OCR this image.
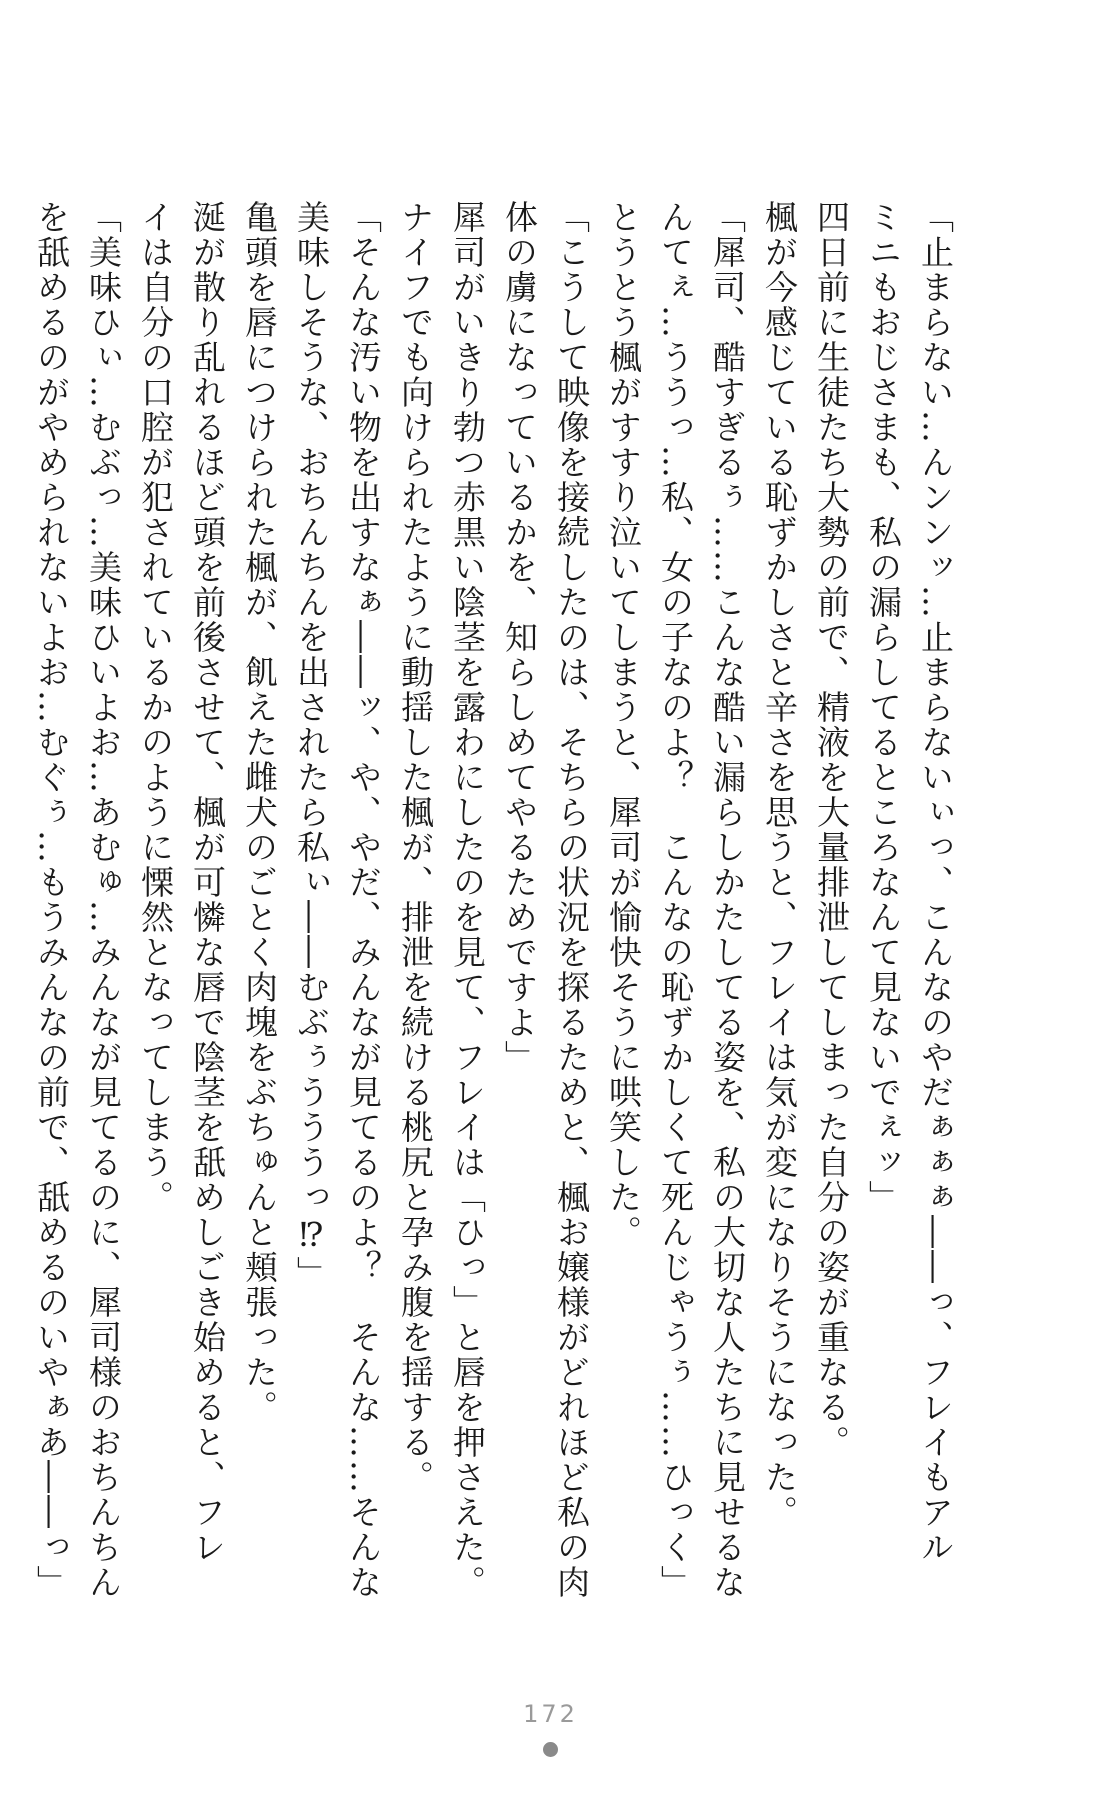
「止まらない…んンンッ…止まらないぃっ、こんなのやだぁぁぁ――っ、フレイもアル
ミニもおじさまも、私の漏らしてるところなんて見ないでぇッ」
四日前に生徒たち大勢の前で、精液を大量排泄してしまった自分の姿が重なる。
楓が今感じている恥ずかしさと辛さを思うと、フレイは気が変になりそうになった。
「犀司、酷すぎるぅ……こんな酷い漏らしかたしてる姿を、私の大切な人たちに見せるな
んてぇ…ううっ…私、女の子なのよ？　こんなの恥ずかしくて死んじゃうぅ……ひっく」
とうとう楓がすすり泣いてしまうと、犀司が愉快そうに哄笑した。
「こうして映像を接続したのは、そちらの状況を探るためと、楓お嬢様がどれほど私の肉
体の虜になっているかを、知らしめてやるためですよ」
犀司がいきり勃つ赤黒い陰茎を露わにしたのを見て、フレイは「ひっ」と唇を押さえた。
ナイフでも向けられたように動揺した楓が、排泄を続ける桃尻と孕み腹を揺する。
「そんな汚い物を出すなぁ――ッ、や、やだ、みんなが見てるのよ？　そんな……そんな
美味しそうな、おちんちんを出されたら私ぃ――むぶぅうううっ⁉」
亀頭を唇につけられた楓が、飢えた雌犬のごとく肉塊をぶちゅんと頬張った。
涎が散り乱れるほど頭を前後させて、楓が可憐な唇で陰茎を舐めしごき始めると、フレ
イは自分の口腔が犯されているかのように慄然となってしまう。
「美味ひぃ…むぶっ…美味ひいよお…あむゅ…みんなが見てるのに、犀司様のおちんちん
を舐めるのがやめられないよお…むぐぅ…もうみんなの前で、舐めるのいやぁあ――っ」
172
